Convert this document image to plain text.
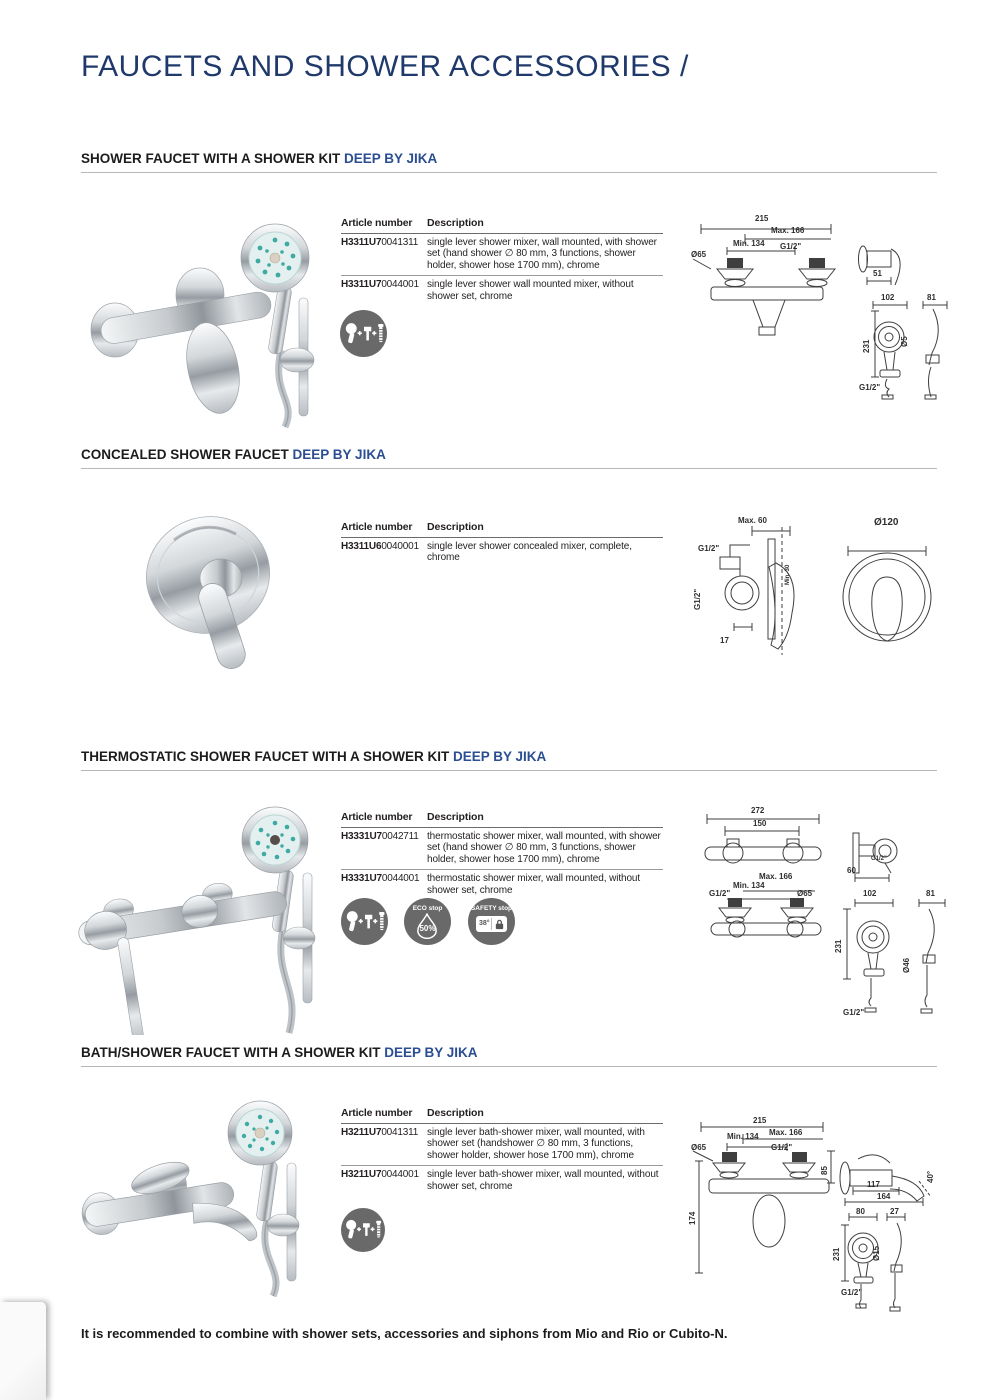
FAUCETS AND SHOWER ACCESSORIES /
SHOWER FAUCET WITH A SHOWER KIT DEEP BY JIKA
Article number	Description
H3311U70041311 single lever shower mixer, wall mounted, with shower set (hand shower ∅ 80 mm, 3 functions, shower holder, shower hose 1700 mm), chrome
H3311U70044001 single lever shower wall mounted mixer, without shower set, chrome
215
Max. 166
Min. 134 G1/2"
Ø65
51
102	81
231	Ø5
G1/2"
CONCEALED SHOWER FAUCET DEEP BY JIKA
Article number	Description
H3311U60040001 single lever shower concealed mixer, complete, chrome
Max. 60
G1/2"
G1/2"
17
Min. 30
Ø120
THERMOSTATIC SHOWER FAUCET WITH A SHOWER KIT DEEP BY JIKA
Article number	Description
H3331U70042711 thermostatic shower mixer, wall mounted, with shower set (hand shower ∅ 80 mm, 3 functions, shower holder, shower hose 1700 mm), chrome
H3331U70044001 thermostatic shower mixer, wall mounted, without shower set, chrome
ECO stop
50%
SAFETY stop
38°
272
150
G1/2"
60
Max. 166
Min. 134
G1/2"	Ø65	102	81
231
Ø46
G1/2"
BATH/SHOWER FAUCET WITH A SHOWER KIT DEEP BY JIKA
Article number	Description
H3211U70041311 single lever bath-shower mixer, wall mounted, with shower set (handshower ∅ 80 mm, 3 functions, shower holder, shower hose 1700 mm), chrome
H3211U70044001 single lever bath-shower mixer, wall mounted, without shower set, chrome
215
Min. 134 Max. 166
Ø65	G1/2"
85
174
117
164
40°
80	27
231	Ø15
G1/2"
It is recommended to combine with shower sets, accessories and siphons from Mio and Rio or Cubito-N.
